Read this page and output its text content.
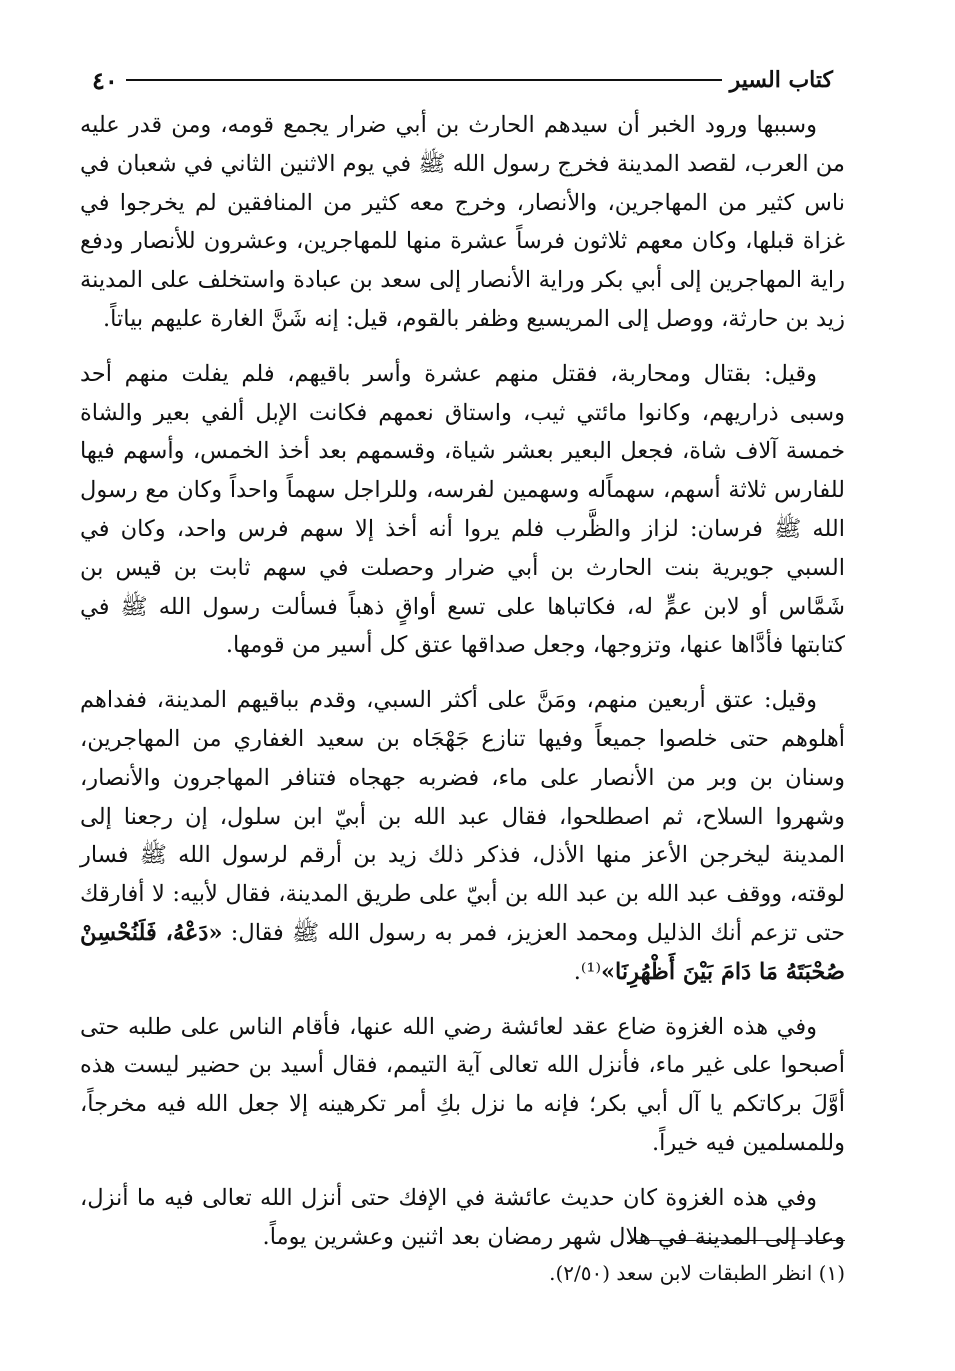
كتاب السير
٤٠

وسببها ورود الخبر أن سيدهم الحارث بن أبي ضرار يجمع قومه، ومن قدر عليه من العرب، لقصد المدينة فخرج رسول الله ﷺ في يوم الاثنين الثاني في شعبان في ناس كثير من المهاجرين، والأنصار، وخرج معه كثير من المنافقين لم يخرجوا في غزاة قبلها، وكان معهم ثلاثون فرساً عشرة منها للمهاجرين، وعشرون للأنصار ودفع راية المهاجرين إلى أبي بكر وراية الأنصار إلى سعد بن عبادة واستخلف على المدينة زيد بن حارثة، ووصل إلى المريسيع وظفر بالقوم، قيل: إنه شَنَّ الغارة عليهم بياتاً.

وقيل: بقتال ومحاربة، فقتل منهم عشرة وأسر باقيهم، فلم يفلت منهم أحد وسبى ذراريهم، وكانوا مائتي ثيب، واستاق نعمهم فكانت الإبل ألفي بعير والشاة خمسة آلاف شاة، فجعل البعير بعشر شياة، وقسمهم بعد أخذ الخمس، وأسهم فيها للفارس ثلاثة أسهم، سهماًله وسهمين لفرسه، وللراجل سهماً واحداً وكان مع رسول الله ﷺ فرسان: لزاز والظَّرب فلم يروا أنه أخذ إلا سهم فرس واحد، وكان في السبي جويرية بنت الحارث بن أبي ضرار وحصلت في سهم ثابت بن قيس بن شَمَّاس أو لابن عمٍّ له، فكاتباها على تسع أواقٍ ذهباً فسألت رسول الله ﷺ في كتابتها فأدَّاها عنها، وتزوجها، وجعل صداقها عتق كل أسير من قومها.

وقيل: عتق أربعين منهم، ومَنَّ على أكثر السبي، وقدم بباقيهم المدينة، ففداهم أهلوهم حتى خلصوا جميعاً وفيها تنازع جَهْجَاه بن سعيد الغفاري من المهاجرين، وسنان بن وبر من الأنصار على ماء، فضربه جهجاه فتنافر المهاجرون والأنصار، وشهروا السلاح، ثم اصطلحوا، فقال عبد الله بن أبيّ ابن سلول، إن رجعنا إلى المدينة ليخرجن الأعز منها الأذل، فذكر ذلك زيد بن أرقم لرسول الله ﷺ فسار لوقته، ووقف عبد الله بن عبد الله بن أبيّ على طريق المدينة، فقال لأبيه: لا أفارقك حتى تزعم أنك الذليل ومحمد العزيز، فمر به رسول الله ﷺ فقال: «دَعْهُ، فَلَنُحْسِنْ صُحْبَتَهُ مَا دَامَ بَيْنَ أَظْهُرِنَا»⁽¹⁾.

وفي هذه الغزوة ضاع عقد لعائشة رضي الله عنها، فأقام الناس على طلبه حتى أصبحوا على غير ماء، فأنزل الله تعالى آية التيمم، فقال أسيد بن حضير ليست هذه أوَّلَ بركاتكم يا آل أبي بكر؛ فإنه ما نزل بكِ أمر تكرهينه إلا جعل الله فيه مخرجاً، وللمسلمين فيه خيراً.

وفي هذه الغزوة كان حديث عائشة في الإفك حتى أنزل الله تعالى فيه ما أنزل، وعاد إلى المدينة في هلال شهر رمضان بعد اثنين وعشرين يوماً.

(١) انظر الطبقات لابن سعد (٢/٥٠).
